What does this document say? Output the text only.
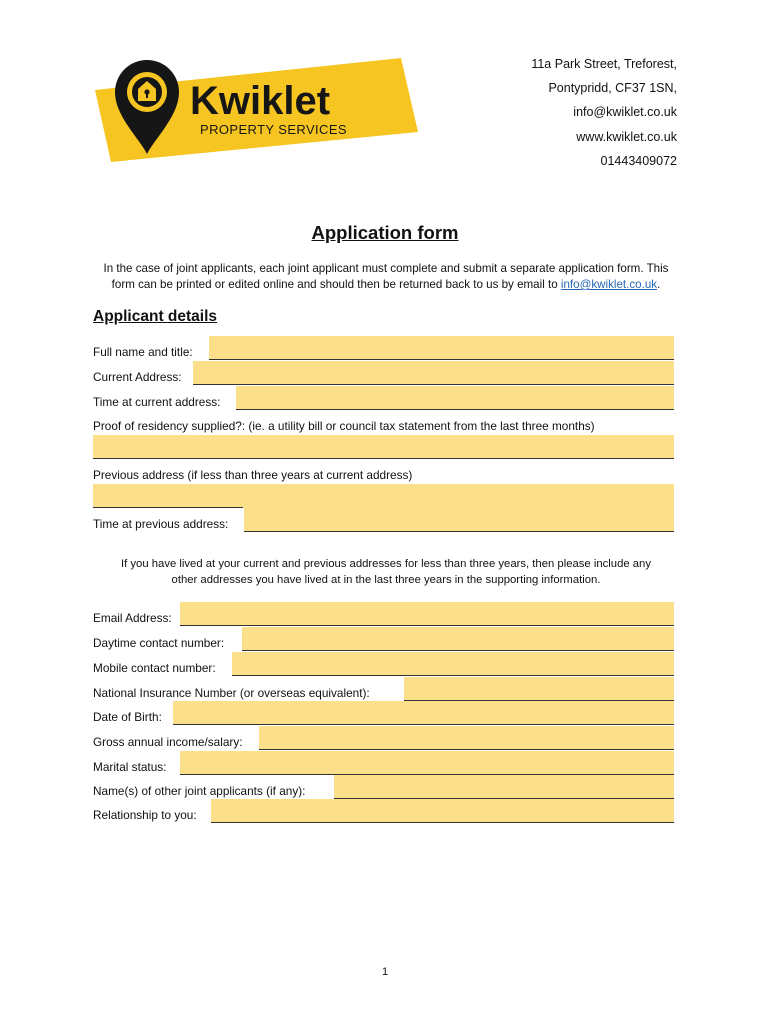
Kwiklet
PROPERTY SERVICES
11a Park Street, Treforest,
Pontypridd, CF37 1SN,
info@kwiklet.co.uk
www.kwiklet.co.uk
01443409072
Application form
In the case of joint applicants, each joint applicant must complete and submit a separate application form. This
form can be printed or edited online and should then be returned back to us by email to info@kwiklet.co.uk.
Applicant details
Full name and title:
Current Address:
Time at current address:
Proof of residency supplied?: (ie. a utility bill or council tax statement from the last three months)
Previous address (if less than three years at current address)
Time at previous address:
If you have lived at your current and previous addresses for less than three years, then please include any
other addresses you have lived at in the last three years in the supporting information.
Email Address:
Daytime contact number:
Mobile contact number:
National Insurance Number (or overseas equivalent):
Date of Birth:
Gross annual income/salary:
Marital status:
Name(s) of other joint applicants (if any):
Relationship to you:
1
